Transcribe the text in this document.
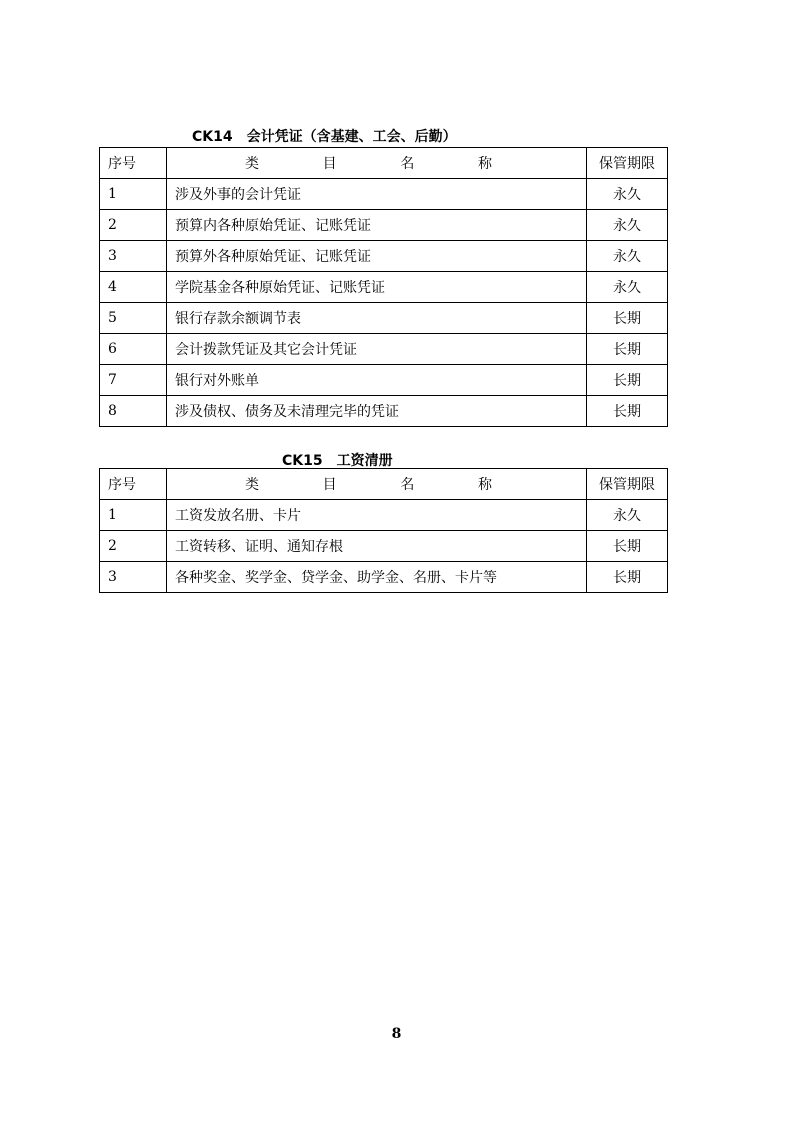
CK14　会计凭证（含基建、工会、后勤）
序号	类 目 名 称	保管期限
1	涉及外事的会计凭证	永久
2	预算内各种原始凭证、记账凭证	永久
3	预算外各种原始凭证、记账凭证	永久
4	学院基金各种原始凭证、记账凭证	永久
5	银行存款余额调节表	长期
6	会计拨款凭证及其它会计凭证	长期
7	银行对外账单	长期
8	涉及债权、债务及未清理完毕的凭证	长期
CK15　工资清册
序号	类 目 名 称	保管期限
1	工资发放名册、卡片	永久
2	工资转移、证明、通知存根	长期
3	各种奖金、奖学金、贷学金、助学金、名册、卡片等	长期
8
